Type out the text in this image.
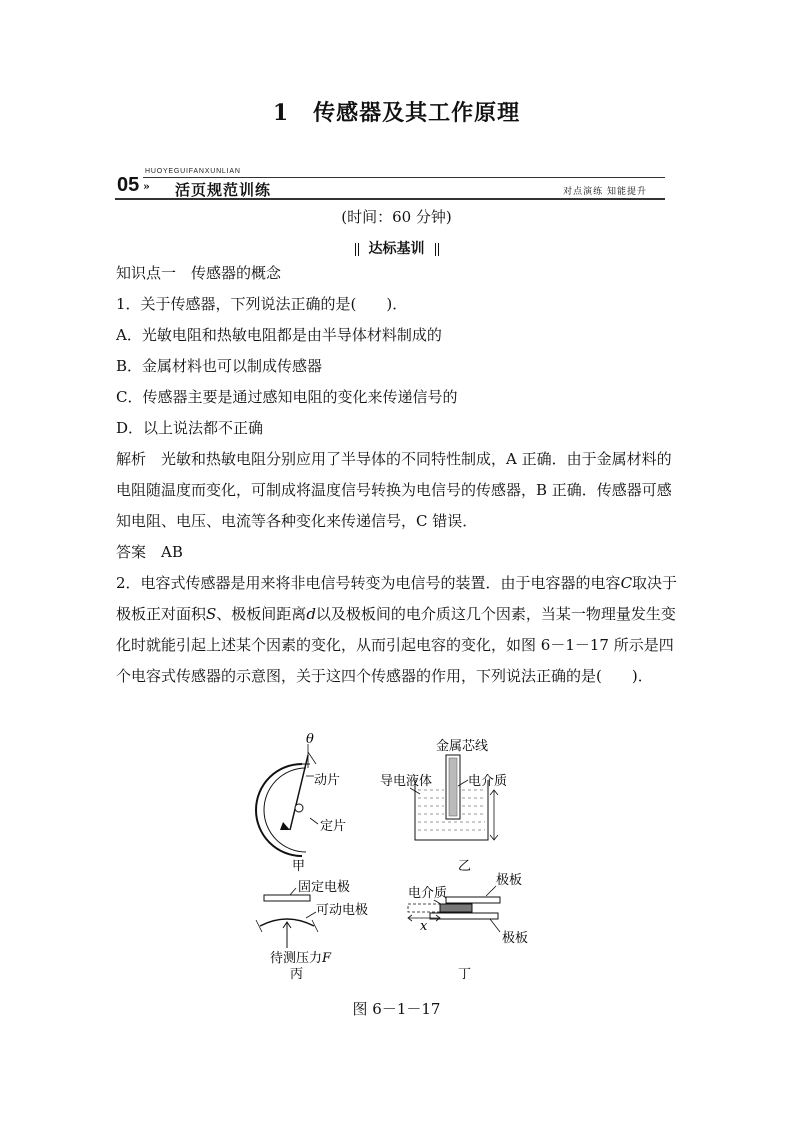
1 传感器及其工作原理
05 »
HUOYEGUIFANXUNLIAN
活页规范训练	对点演练 知能提升
(时间：60 分钟)
达标基训

知识点一　传感器的概念

1．关于传感器，下列说法正确的是(　　)．

A．光敏电阻和热敏电阻都是由半导体材料制成的

B．金属材料也可以制成传感器

C．传感器主要是通过感知电阻的变化来传递信号的

D．以上说法都不正确

解析　光敏和热敏电阻分别应用了半导体的不同特性制成，A 正确．由于金属材料的电阻随温度而变化，可制成将温度信号转换为电信号的传感器，B 正确．传感器可感知电阻、电压、电流等各种变化来传递信号，C 错误．

答案　AB

2．电容式传感器是用来将非电信号转变为电信号的装置．由于电容器的电容C取决于极板正对面积S、极板间距离d以及极板间的电介质这几个因素，当某一物理量发生变化时就能引起上述某个因素的变化，从而引起电容的变化，如图 6－1－17 所示是四个电容式传感器的示意图，关于这四个传感器的作用，下列说法正确的是(　　)．

θ
动片
定片
甲
金属芯线
导电液体	电介质
乙
固定电极
可动电极
待测压力F
丙
极板
电介质
x
极板
丁
图 6－1－17
